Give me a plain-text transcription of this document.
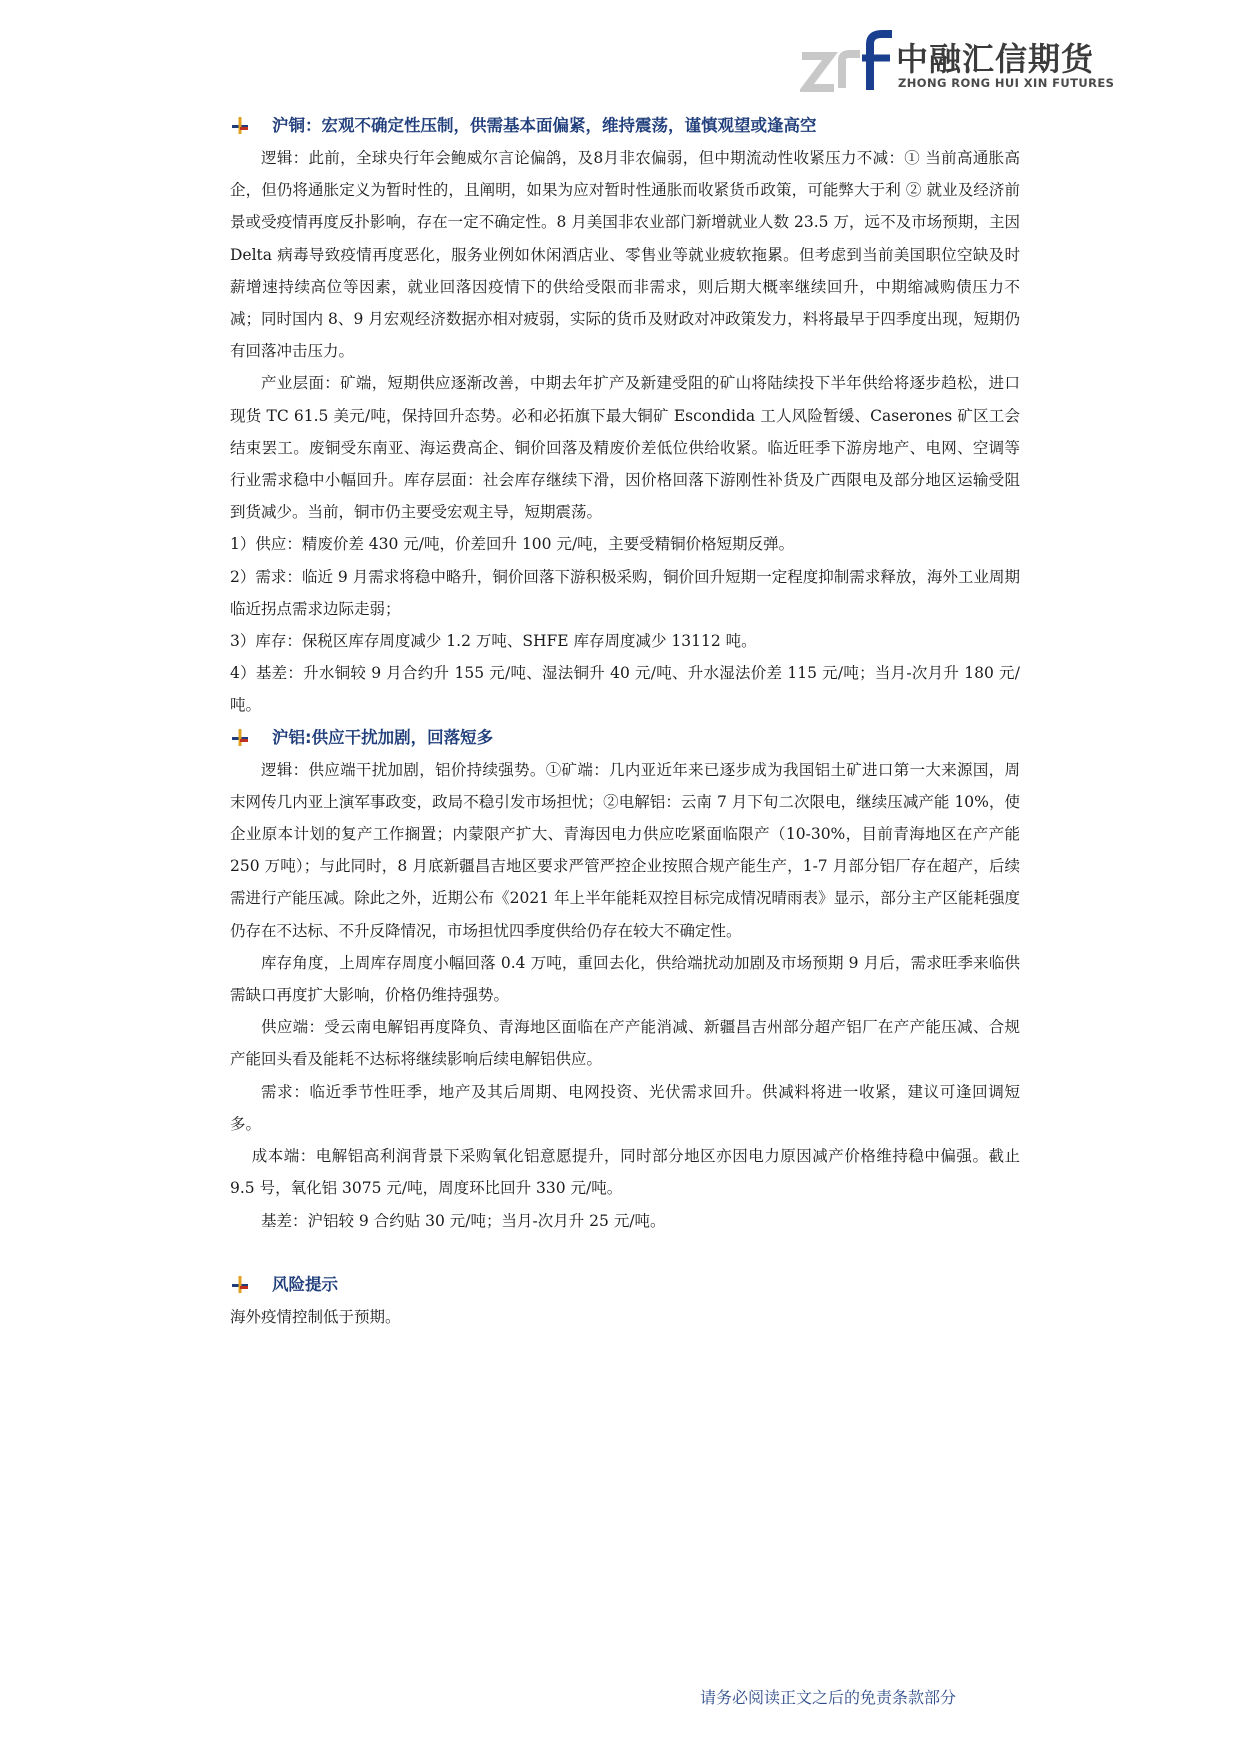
中融汇信期货
ZHONG RONG HUI XIN FUTURES
沪铜：宏观不确定性压制，供需基本面偏紧，维持震荡，谨慎观望或逢高空

逻辑：此前，全球央行年会鲍威尔言论偏鸽，及8月非农偏弱，但中期流动性收紧压力不减：① 当前高通胀高企，但仍将通胀定义为暂时性的，且阐明，如果为应对暂时性通胀而收紧货币政策，可能弊大于利 ② 就业及经济前景或受疫情再度反扑影响，存在一定不确定性。8 月美国非农业部门新增就业人数 23.5 万，远不及市场预期，主因 Delta 病毒导致疫情再度恶化，服务业例如休闲酒店业、零售业等就业疲软拖累。但考虑到当前美国职位空缺及时薪增速持续高位等因素，就业回落因疫情下的供给受限而非需求，则后期大概率继续回升，中期缩减购债压力不减；同时国内 8、9 月宏观经济数据亦相对疲弱，实际的货币及财政对冲政策发力，料将最早于四季度出现，短期仍有回落冲击压力。

产业层面：矿端，短期供应逐渐改善，中期去年扩产及新建受阻的矿山将陆续投下半年供给将逐步趋松，进口现货 TC 61.5 美元/吨，保持回升态势。必和必拓旗下最大铜矿 Escondida 工人风险暂缓、Caserones 矿区工会结束罢工。废铜受东南亚、海运费高企、铜价回落及精废价差低位供给收紧。临近旺季下游房地产、电网、空调等行业需求稳中小幅回升。库存层面：社会库存继续下滑，因价格回落下游刚性补货及广西限电及部分地区运输受阻到货减少。当前，铜市仍主要受宏观主导，短期震荡。

1）供应：精废价差 430 元/吨，价差回升 100 元/吨，主要受精铜价格短期反弹。

2）需求：临近 9 月需求将稳中略升，铜价回落下游积极采购，铜价回升短期一定程度抑制需求释放，海外工业周期临近拐点需求边际走弱；

3）库存：保税区库存周度减少 1.2 万吨、SHFE 库存周度减少 13112 吨。

4）基差：升水铜较 9 月合约升 155 元/吨、湿法铜升 40 元/吨、升水湿法价差 115 元/吨；当月-次月升 180 元/吨。

沪铝:供应干扰加剧，回落短多

逻辑：供应端干扰加剧，铝价持续强势。①矿端：几内亚近年来已逐步成为我国铝土矿进口第一大来源国，周末网传几内亚上演军事政变，政局不稳引发市场担忧；②电解铝：云南 7 月下旬二次限电，继续压减产能 10%，使企业原本计划的复产工作搁置；内蒙限产扩大、青海因电力供应吃紧面临限产（10-30%，目前青海地区在产产能 250 万吨）；与此同时，8 月底新疆昌吉地区要求严管严控企业按照合规产能生产，1-7 月部分铝厂存在超产，后续需进行产能压减。除此之外，近期公布《2021 年上半年能耗双控目标完成情况晴雨表》显示，部分主产区能耗强度仍存在不达标、不升反降情况，市场担忧四季度供给仍存在较大不确定性。

库存角度，上周库存周度小幅回落 0.4 万吨，重回去化，供给端扰动加剧及市场预期 9 月后，需求旺季来临供需缺口再度扩大影响，价格仍维持强势。

供应端：受云南电解铝再度降负、青海地区面临在产产能消减、新疆昌吉州部分超产铝厂在产产能压减、合规产能回头看及能耗不达标将继续影响后续电解铝供应。

需求：临近季节性旺季，地产及其后周期、电网投资、光伏需求回升。供减料将进一收紧，建议可逢回调短多。

成本端：电解铝高利润背景下采购氧化铝意愿提升，同时部分地区亦因电力原因减产价格维持稳中偏强。截止 9.5 号，氧化铝 3075 元/吨，周度环比回升 330 元/吨。

基差：沪铝较 9 合约贴 30 元/吨；当月-次月升 25 元/吨。

风险提示

海外疫情控制低于预期。

请务必阅读正文之后的免责条款部分
